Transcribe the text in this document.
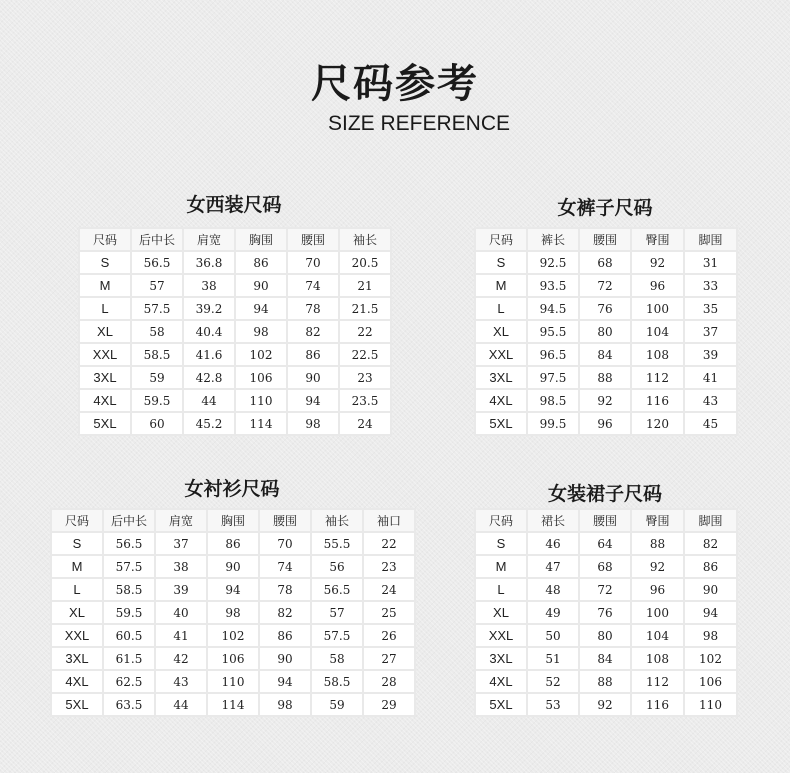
尺码参考
SIZE REFERENCE
女西装尺码
尺码	后中长	肩宽	胸围	腰围	袖长
S	56.5	36.8	86	70	20.5
M	57	38	90	74	21
L	57.5	39.2	94	78	21.5
XL	58	40.4	98	82	22
XXL	58.5	41.6	102	86	22.5
3XL	59	42.8	106	90	23
4XL	59.5	44	110	94	23.5
5XL	60	45.2	114	98	24
女裤子尺码
尺码	裤长	腰围	臀围	脚围
S	92.5	68	92	31
M	93.5	72	96	33
L	94.5	76	100	35
XL	95.5	80	104	37
XXL	96.5	84	108	39
3XL	97.5	88	112	41
4XL	98.5	92	116	43
5XL	99.5	96	120	45
女衬衫尺码
尺码	后中长	肩宽	胸围	腰围	袖长	袖口
S	56.5	37	86	70	55.5	22
M	57.5	38	90	74	56	23
L	58.5	39	94	78	56.5	24
XL	59.5	40	98	82	57	25
XXL	60.5	41	102	86	57.5	26
3XL	61.5	42	106	90	58	27
4XL	62.5	43	110	94	58.5	28
5XL	63.5	44	114	98	59	29
女装裙子尺码
尺码	裙长	腰围	臀围	脚围
S	46	64	88	82
M	47	68	92	86
L	48	72	96	90
XL	49	76	100	94
XXL	50	80	104	98
3XL	51	84	108	102
4XL	52	88	112	106
5XL	53	92	116	110
